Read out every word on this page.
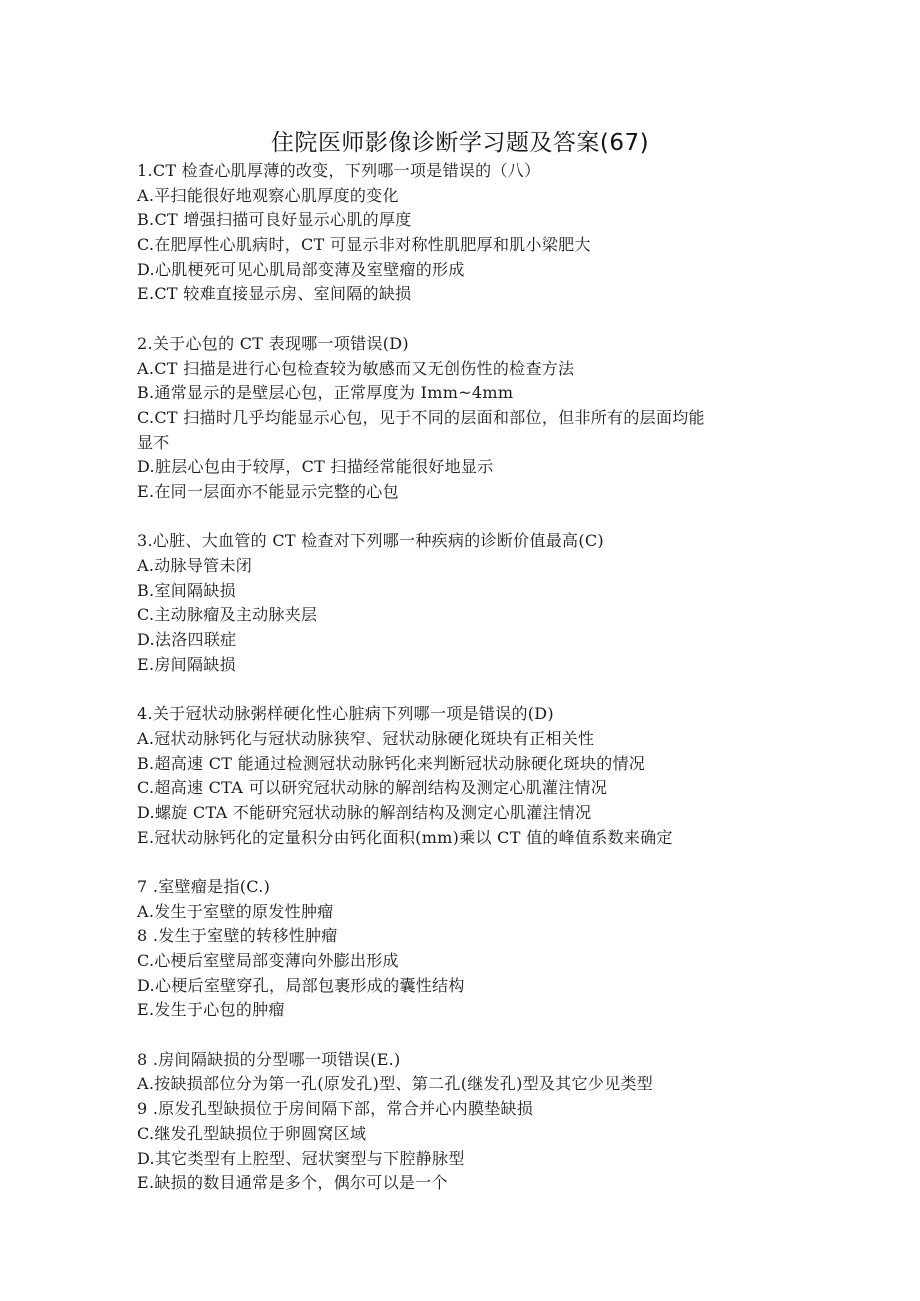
住院医师影像诊断学习题及答案(67)
1.CT 检查心肌厚薄的改变，下列哪一项是错误的（八）
A.平扫能很好地观察心肌厚度的变化
B.CT 增强扫描可良好显示心肌的厚度
C.在肥厚性心肌病时，CT 可显示非对称性肌肥厚和肌小梁肥大
D.心肌梗死可见心肌局部变薄及室壁瘤的形成
E.CT 较难直接显示房、室间隔的缺损
2.关于心包的 CT 表现哪一项错误(D)
A.CT 扫描是进行心包检查较为敏感而又无创伤性的检查方法
B.通常显示的是壁层心包，正常厚度为 Imm~4mm
C.CT 扫描时几乎均能显示心包，见于不同的层面和部位，但非所有的层面均能
显不
D.脏层心包由于较厚，CT 扫描经常能很好地显示
E.在同一层面亦不能显示完整的心包
3.心脏、大血管的 CT 检查对下列哪一种疾病的诊断价值最高(C)
A.动脉导管未闭
B.室间隔缺损
C.主动脉瘤及主动脉夹层
D.法洛四联症
E.房间隔缺损
4.关于冠状动脉粥样硬化性心脏病下列哪一项是错误的(D)
A.冠状动脉钙化与冠状动脉狭窄、冠状动脉硬化斑块有正相关性
B.超高速 CT 能通过检测冠状动脉钙化来判断冠状动脉硬化斑块的情况
C.超高速 CTA 可以研究冠状动脉的解剖结构及测定心肌灌注情况
D.螺旋 CTA 不能研究冠状动脉的解剖结构及测定心肌灌注情况
E.冠状动脉钙化的定量积分由钙化面积(mm)乘以 CT 值的峰值系数来确定
7 .室壁瘤是指(C.)
A.发生于室壁的原发性肿瘤
8 .发生于室壁的转移性肿瘤
C.心梗后室壁局部变薄向外膨出形成
D.心梗后室壁穿孔，局部包裹形成的囊性结构
E.发生于心包的肿瘤
8 .房间隔缺损的分型哪一项错误(E.)
A.按缺损部位分为第一孔(原发孔)型、第二孔(继发孔)型及其它少见类型
9 .原发孔型缺损位于房间隔下部，常合并心内膜垫缺损
C.继发孔型缺损位于卵圆窝区域
D.其它类型有上腔型、冠状窦型与下腔静脉型
E.缺损的数目通常是多个，偶尔可以是一个
